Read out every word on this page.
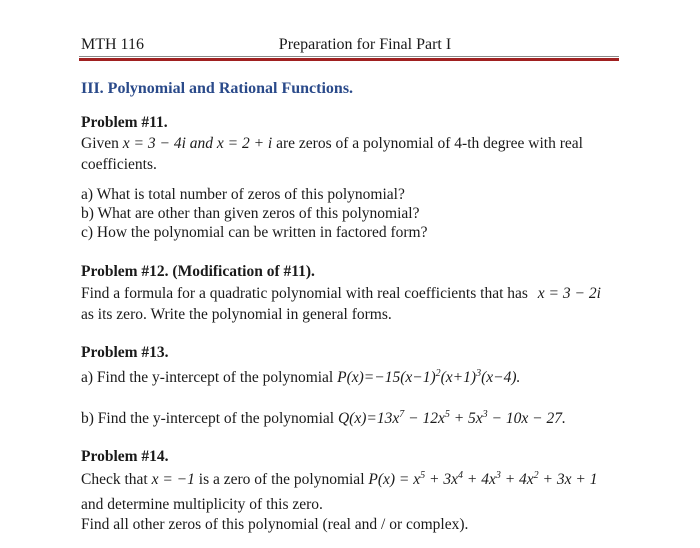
MTH 116	Preparation for Final Part I
III. Polynomial and Rational Functions.
Problem #11.
Given x = 3 − 4i and x = 2 + i are zeros of a polynomial of 4-th degree with real
coefficients.
a) What is total number of zeros of this polynomial?
b) What are other than given zeros of this polynomial?
c) How the polynomial can be written in factored form?
Problem #12. (Modification of #11).
Find a formula for a quadratic polynomial with real coefficients that has x = 3 − 2i
as its zero. Write the polynomial in general forms.
Problem #13.
a) Find the y-intercept of the polynomial $P(x)=-15(x-1)^2(x+1)^3(x-4)$.
b) Find the y-intercept of the polynomial $Q(x)=13x^7 - 12x^5 + 5x^3 - 10x - 27$.
Problem #14.
Check that x = −1 is a zero of the polynomial $P(x) = x^5 + 3x^4 + 4x^3 + 4x^2 + 3x + 1$
and determine multiplicity of this zero.
Find all other zeros of this polynomial (real and / or complex).
